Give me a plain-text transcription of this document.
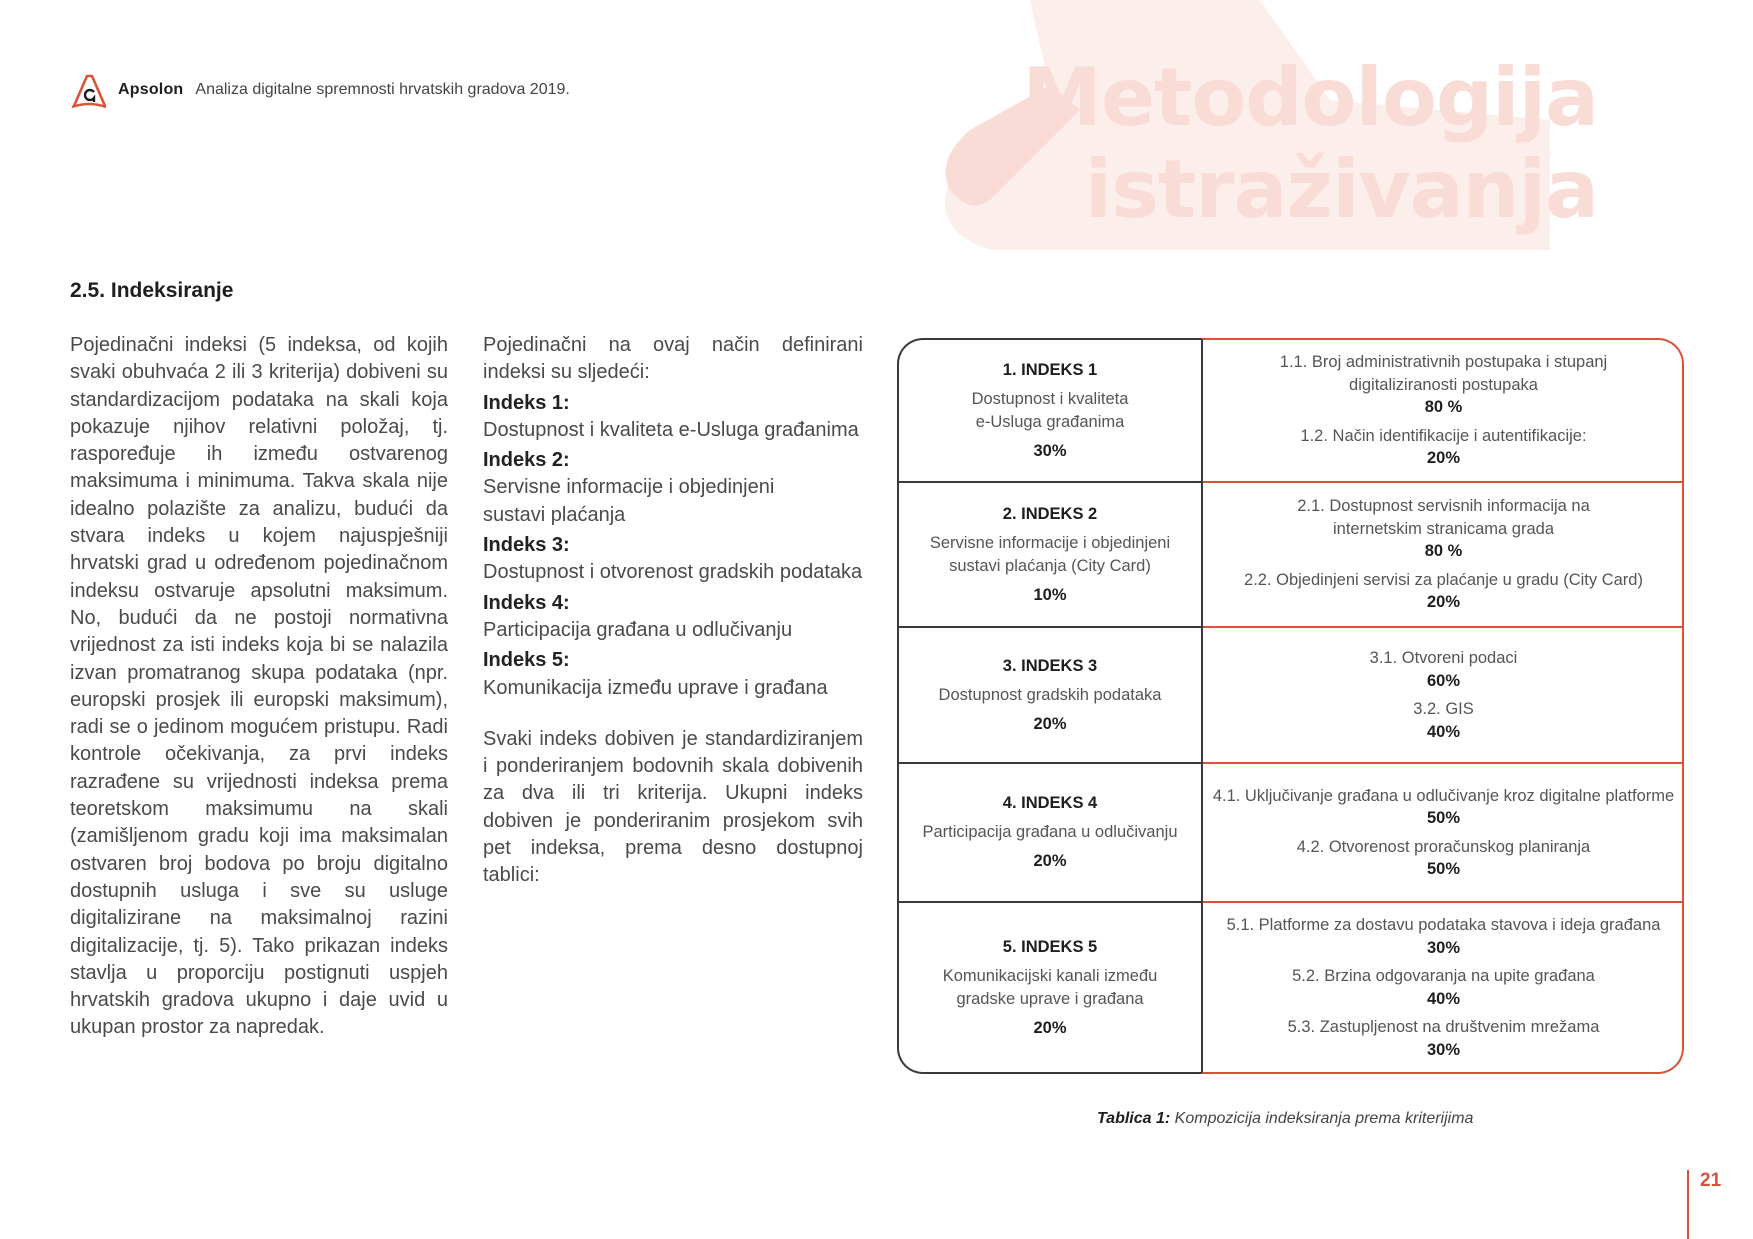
Apsolon Analiza digitalne spremnosti hrvatskih gradova 2019.	Metodologija
istraživanja
2.5. Indeksiranje

Pojedinačni indeksi (5 indeksa, od kojih svaki obuhvaća 2 ili 3 kriterija) dobiveni su standardizacijom podataka na skali koja pokazuje njihov relativni položaj, tj. raspoređuje ih između ostvarenog maksimuma i minimuma. Takva skala nije idealno polazište za analizu, budući da stvara indeks u kojem najuspješniji hrvatski grad u određenom pojedinačnom indeksu ostvaruje apsolutni maksimum. No, budući da ne postoji normativna vrijednost za isti indeks koja bi se nalazila izvan promatranog skupa podataka (npr. europski prosjek ili europski maksimum), radi se o jedinom mogućem pristupu. Radi kontrole očekivanja, za prvi indeks razrađene su vrijednosti indeksa prema teoretskom maksimumu na skali (zamišljenom gradu koji ima maksimalan ostvaren broj bodova po broju digitalno dostupnih usluga i sve su usluge digitalizirane na maksimalnoj razini digitalizacije, tj. 5). Tako prikazan indeks stavlja u proporciju postignuti uspjeh hrvatskih gradova ukupno i daje uvid u ukupan prostor za napredak.

Pojedinačni na ovaj način definirani indeksi su sljedeći:

Indeks 1:
Dostupnost i kvaliteta e-Usluga građanima
Indeks 2:
Servisne informacije i objedinjeni sustavi plaćanja
Indeks 3:
Dostupnost i otvorenost gradskih podataka
Indeks 4:
Participacija građana u odlučivanju
Indeks 5:
Komunikacija između uprave i građana

Svaki indeks dobiven je standardiziranjem i ponderiranjem bodovnih skala dobivenih za dva ili tri kriterija. Ukupni indeks dobiven je ponderiranim prosjekom svih pet indeksa, prema desno dostupnoj tablici:

1. INDEKS 1
Dostupnost i kvaliteta
e-Usluga građanima
30%
1.1. Broj administrativnih postupaka i stupanj
digitaliziranosti postupaka
80 %
1.2. Način identifikacije i autentifikacije:
20%
2. INDEKS 2
Servisne informacije i objedinjeni
sustavi plaćanja (City Card)
10%
2.1. Dostupnost servisnih informacija na
internetskim stranicama grada
80 %
2.2. Objedinjeni servisi za plaćanje u gradu (City Card)
20%
3. INDEKS 3
Dostupnost gradskih podataka
20%
3.1. Otvoreni podaci
60%
3.2. GIS
40%
4. INDEKS 4
Participacija građana u odlučivanju
20%
4.1. Uključivanje građana u odlučivanje kroz digitalne platforme
50%
4.2. Otvorenost proračunskog planiranja
50%
5. INDEKS 5
Komunikacijski kanali između
gradske uprave i građana
20%
5.1. Platforme za dostavu podataka stavova i ideja građana
30%
5.2. Brzina odgovaranja na upite građana
40%
5.3. Zastupljenost na društvenim mrežama
30%
Tablica 1: Kompozicija indeksiranja prema kriterijima
21
